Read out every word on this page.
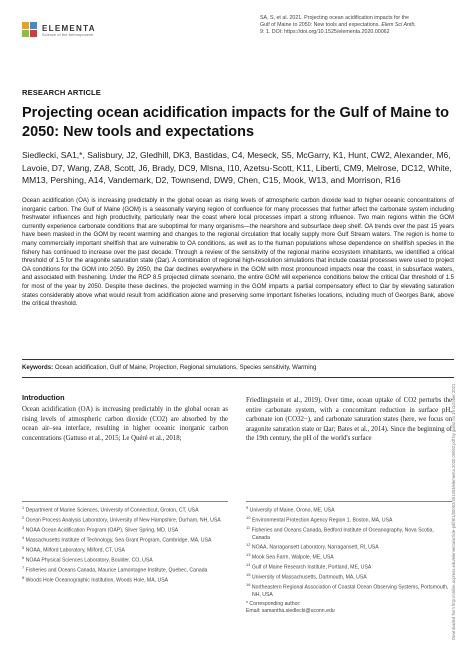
ELEMENTA
Science of the Anthropocene
SA, S, et al. 2021. Projecting ocean acidification impacts for the
Gulf of Maine to 2050: New tools and expectations. Elem Sci Anth,
9: 1. DOI: https://doi.org/10.1525/elementa.2020.00062
RESEARCH ARTICLE
Projecting ocean acidification impacts for the Gulf of Maine to 2050: New tools and expectations
Siedlecki, SA1,*, Salisbury, J2, Gledhill, DK3, Bastidas, C4, Meseck, S5, McGarry, K1, Hunt, CW2, Alexander, M6, Lavoie, D7, Wang, ZA8, Scott, J6, Brady, DC9, Mlsna, I10, Azetsu-Scott, K11, Liberti, CM9, Melrose, DC12, White, MM13, Pershing, A14, Vandemark, D2, Townsend, DW9, Chen, C15, Mook, W13, and Morrison, R16
Ocean acidification (OA) is increasing predictably in the global ocean as rising levels of atmospheric carbon dioxide lead to higher oceanic concentrations of inorganic carbon. The Gulf of Maine (GOM) is a seasonally varying region of confluence for many processes that further affect the carbonate system including freshwater influences and high productivity, particularly near the coast where local processes impart a strong influence. Two main regions within the GOM currently experience carbonate conditions that are suboptimal for many organisms—the nearshore and subsurface deep shelf. OA trends over the past 15 years have been masked in the GOM by recent warming and changes to the regional circulation that locally supply more Gulf Stream waters. The region is home to many commercially important shellfish that are vulnerable to OA conditions, as well as to the human populations whose dependence on shellfish species in the fishery has continued to increase over the past decade. Through a review of the sensitivity of the regional marine ecosystem inhabitants, we identified a critical threshold of 1.5 for the aragonite saturation state (Ωar). A combination of regional high-resolution simulations that include coastal processes were used to project OA conditions for the GOM into 2050. By 2050, the Ωar declines everywhere in the GOM with most pronounced impacts near the coast, in subsurface waters, and associated with freshening. Under the RCP 8.5 projected climate scenario, the entire GOM will experience conditions below the critical Ωar threshold of 1.5 for most of the year by 2050. Despite these declines, the projected warming in the GOM imparts a partial compensatory effect to Ωar by elevating saturation states considerably above what would result from acidification alone and preserving some important fisheries locations, including much of Georges Bank, above the critical threshold.
Keywords: Ocean acidification, Gulf of Maine, Projection, Regional simulations, Species sensitivity, Warming
Introduction
Ocean acidification (OA) is increasing predictably in the global ocean as rising levels of atmospheric carbon dioxide (CO2) are absorbed by the ocean air–sea interface, resulting in higher oceanic inorganic carbon concentrations (Gattuso et al., 2015; Le Quéré et al., 2018;
Friedlingstein et al., 2019). Over time, ocean uptake of CO2 perturbs the entire carbonate system, with a concomitant reduction in surface pH, carbonate ion (CO32−), and carbonate saturation states (here, we focus on aragonite saturation state or Ωar; Bates et al., 2014). Since the beginning of the 19th century, the pH of the world's surface
$^1$ Department of Marine Sciences, University of Connecticut, Groton, CT, USA
$^2$ Ocean Process Analysis Laboratory, University of New Hampshire, Durham, NH, USA
$^3$ NOAA Ocean Acidification Program (OAP), Silver Spring, MD, USA
$^4$ Massachusetts Institute of Technology, Sea Grant Program, Cambridge, MA, USA
$^5$ NOAA, Milford Laboratory, Milford, CT, USA
$^6$ NOAA Physical Sciences Laboratory, Boulder, CO, USA
$^7$ Fisheries and Oceans Canada, Maurice Lamontagne Institute, Quebec, Canada
$^8$ Woods Hole Oceanographic Institution, Woods Hole, MA, USA
$^9$ University of Maine, Orono, ME, USA
$^{10}$ Environmental Protection Agency Region 1, Boston, MA, USA
$^{11}$ Fisheries and Oceans Canada, Bedford Institute of Oceanography, Nova Scotia, Canada
$^{12}$ NOAA, Narragansett Laboratory, Narragansett, RI, USA
$^{13}$ Mook Sea Farm, Walpole, ME, USA
$^{14}$ Gulf of Maine Research Institute, Portland, ME, USA
$^{15}$ University of Massachusetts, Dartmouth, MA, USA
$^{16}$ Northeastern Regional Association of Coastal Ocean Observing Systems, Portsmouth, NH, USA
* Corresponding author:
Email: samantha.siedlecki@uconn.edu	Downloaded from http://online.ucpress.edu/elementa/article-pdf/9/1/00062/451353/elementa.2020.00062.pdf by guest on 19 October 2021
